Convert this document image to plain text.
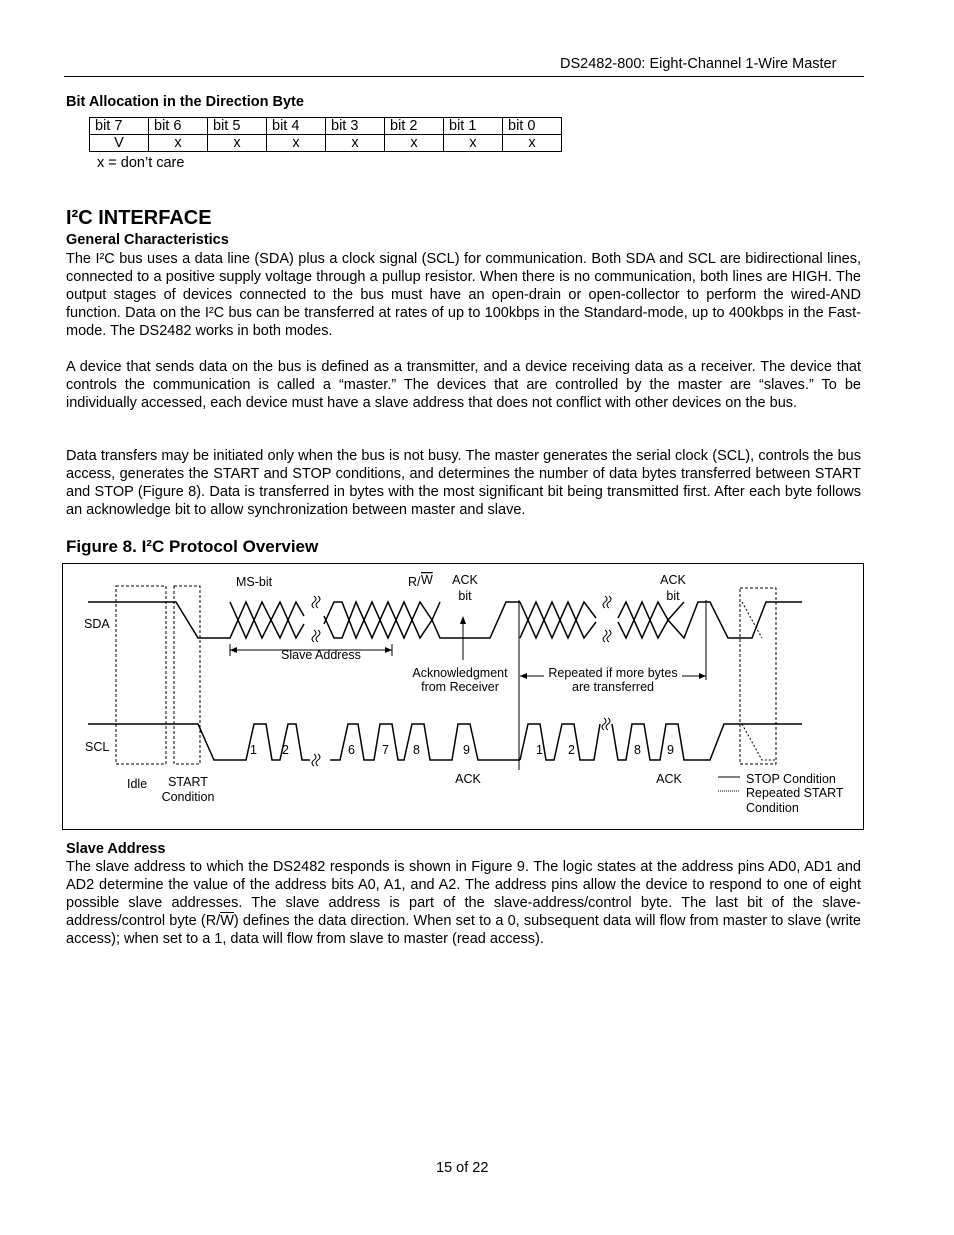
DS2482-800: Eight-Channel 1-Wire Master
Bit Allocation in the Direction Byte
bit 7	bit 6	bit 5	bit 4	bit 3	bit 2	bit 1	bit 0
V	x	x	x	x	x	x	x
x = don’t care
I²C INTERFACE
General Characteristics
The I²C bus uses a data line (SDA) plus a clock signal (SCL) for communication. Both SDA and SCL are bidirectional lines, connected to a positive supply voltage through a pullup resistor. When there is no communication, both lines are HIGH. The output stages of devices connected to the bus must have an open-drain or open-collector to perform the wired-AND function. Data on the I²C bus can be transferred at rates of up to 100kbps in the Standard-mode, up to 400kbps in the Fast-mode. The DS2482 works in both modes.
A device that sends data on the bus is defined as a transmitter, and a device receiving data as a receiver. The device that controls the communication is called a “master.” The devices that are controlled by the master are “slaves.” To be individually accessed, each device must have a slave address that does not conflict with other devices on the bus.
Data transfers may be initiated only when the bus is not busy. The master generates the serial clock (SCL), controls the bus access, generates the START and STOP conditions, and determines the number of data bytes transferred between START and STOP (Figure 8). Data is transferred in bytes with the most significant bit being transmitted first. After each byte follows an acknowledge bit to allow synchronization between master and slave.
Figure 8. I²C Protocol Overview
MS-bit	R/ W ACK
bit
ACK
bit
SDA
SCL
Slave Address
Acknowledgment
from Receiver
Repeated if more bytes
are transferred
1 2	6 7 8	9	1 2	8 9
Idle START
Condition
ACK	ACK	STOP Condition
Repeated START
Condition
Slave Address
The slave address to which the DS2482 responds is shown in Figure 9. The logic states at the address pins AD0, AD1 and AD2 determine the value of the address bits A0, A1, and A2. The address pins allow the device to respond to one of eight possible slave addresses. The slave address is part of the slave-address/control byte. The last bit of the slave-address/control byte $(R/\overline{W})$ defines the data direction. When set to a 0, subsequent data will flow from master to slave (write access); when set to a 1, data will flow from slave to master (read access).
15 of 22
